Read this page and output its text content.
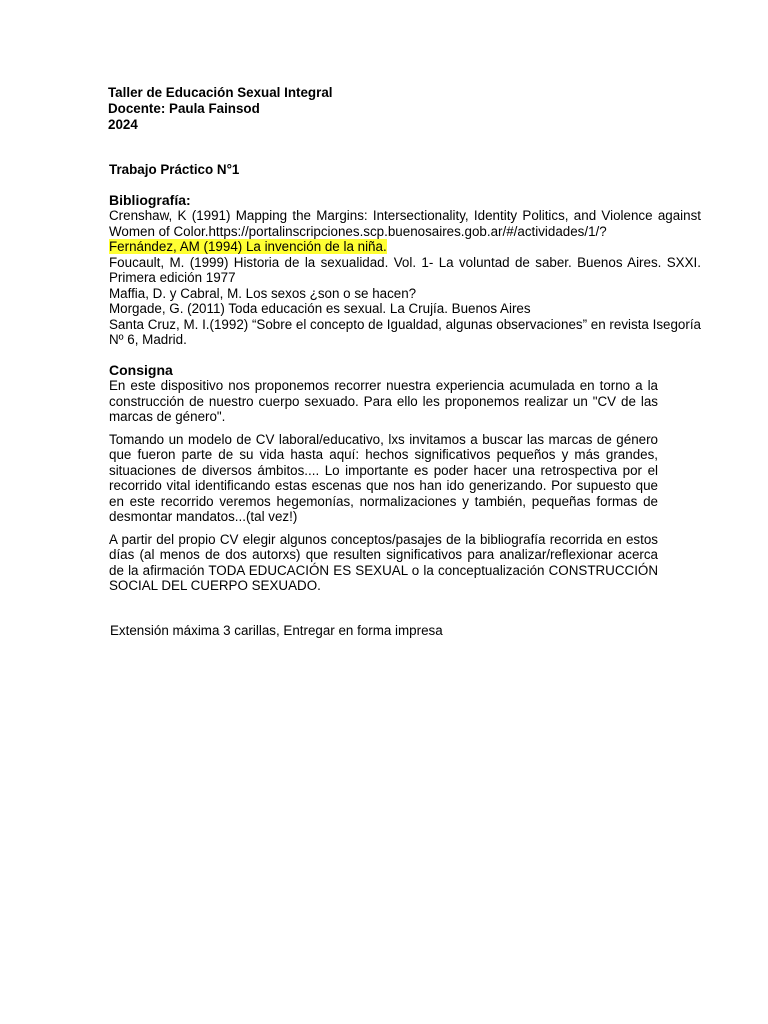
Taller de Educación Sexual Integral
Docente: Paula Fainsod
2024
Trabajo Práctico N°1
Bibliografía:

Crenshaw, K (1991) Mapping the Margins: Intersectionality, Identity Politics, and Violence against Women of Color.https://portalinscripciones.scp.buenosaires.gob.ar/#/actividades/1/?

Fernández, AM (1994) La invención de la niña.

Foucault, M. (1999) Historia de la sexualidad. Vol. 1- La voluntad de saber. Buenos Aires. SXXI. Primera edición 1977

Maffia, D. y Cabral, M. Los sexos ¿son o se hacen?

Morgade, G. (2011) Toda educación es sexual. La Crujía. Buenos Aires

Santa Cruz, M. I.(1992) “Sobre el concepto de Igualdad, algunas observaciones” en revista Isegoría Nº 6, Madrid.

Consigna

En este dispositivo nos proponemos recorrer nuestra experiencia acumulada en torno a la construcción de nuestro cuerpo sexuado. Para ello les proponemos realizar un "CV de las marcas de género".

Tomando un modelo de CV laboral/educativo, lxs invitamos a buscar las marcas de género que fueron parte de su vida hasta aquí: hechos significativos pequeños y más grandes, situaciones de diversos ámbitos.... Lo importante es poder hacer una retrospectiva por el recorrido vital identificando estas escenas que nos han ido generizando. Por supuesto que en este recorrido veremos hegemonías, normalizaciones y también, pequeñas formas de desmontar mandatos...(tal vez!)

A partir del propio CV elegir algunos conceptos/pasajes de la bibliografía recorrida en estos días (al menos de dos autorxs) que resulten significativos para analizar/reflexionar acerca de la afirmación TODA EDUCACIÓN ES SEXUAL o la conceptualización CONSTRUCCIÓN SOCIAL DEL CUERPO SEXUADO.

Extensión máxima 3 carillas, Entregar en forma impresa
